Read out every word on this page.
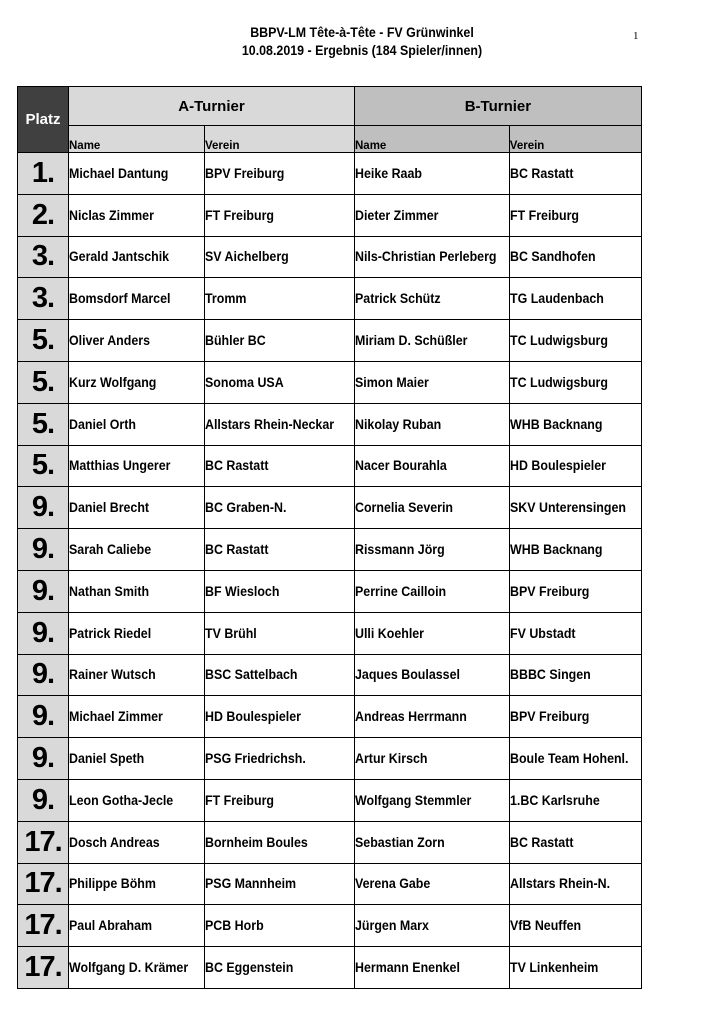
BBPV-LM Tête-à-Tête - FV Grünwinkel
10.08.2019 - Ergebnis (184 Spieler/innen)
1
Platz	A-Turnier		B-Turnier	
	Name	Verein	Name	Verein
1.	Michael Dantung	BPV Freiburg	Heike Raab	BC Rastatt
2.	Niclas Zimmer	FT Freiburg	Dieter Zimmer	FT Freiburg
3.	Gerald Jantschik	SV Aichelberg	Nils-Christian Perleberg	BC Sandhofen
3.	Bomsdorf Marcel	Tromm	Patrick Schütz	TG Laudenbach
5.	Oliver Anders	Bühler BC	Miriam D. Schüßler	TC Ludwigsburg
5.	Kurz Wolfgang	Sonoma USA	Simon Maier	TC Ludwigsburg
5.	Daniel Orth	Allstars Rhein-Neckar	Nikolay Ruban	WHB Backnang
5.	Matthias Ungerer	BC Rastatt	Nacer Bourahla	HD Boulespieler
9.	Daniel Brecht	BC Graben-N.	Cornelia Severin	SKV Unterensingen
9.	Sarah Caliebe	BC Rastatt	Rissmann Jörg	WHB Backnang
9.	Nathan Smith	BF Wiesloch	Perrine Cailloin	BPV Freiburg
9.	Patrick Riedel	TV Brühl	Ulli Koehler	FV Ubstadt
9.	Rainer Wutsch	BSC Sattelbach	Jaques Boulassel	BBBC Singen
9.	Michael Zimmer	HD Boulespieler	Andreas Herrmann	BPV Freiburg
9.	Daniel Speth	PSG Friedrichsh.	Artur Kirsch	Boule Team Hohenl.
9.	Leon Gotha-Jecle	FT Freiburg	Wolfgang Stemmler	1.BC Karlsruhe
17.	Dosch Andreas	Bornheim Boules	Sebastian Zorn	BC Rastatt
17.	Philippe Böhm	PSG Mannheim	Verena Gabe	Allstars Rhein-N.
17.	Paul Abraham	PCB Horb	Jürgen Marx	VfB Neuffen
17.	Wolfgang D. Krämer	BC Eggenstein	Hermann Enenkel	TV Linkenheim
